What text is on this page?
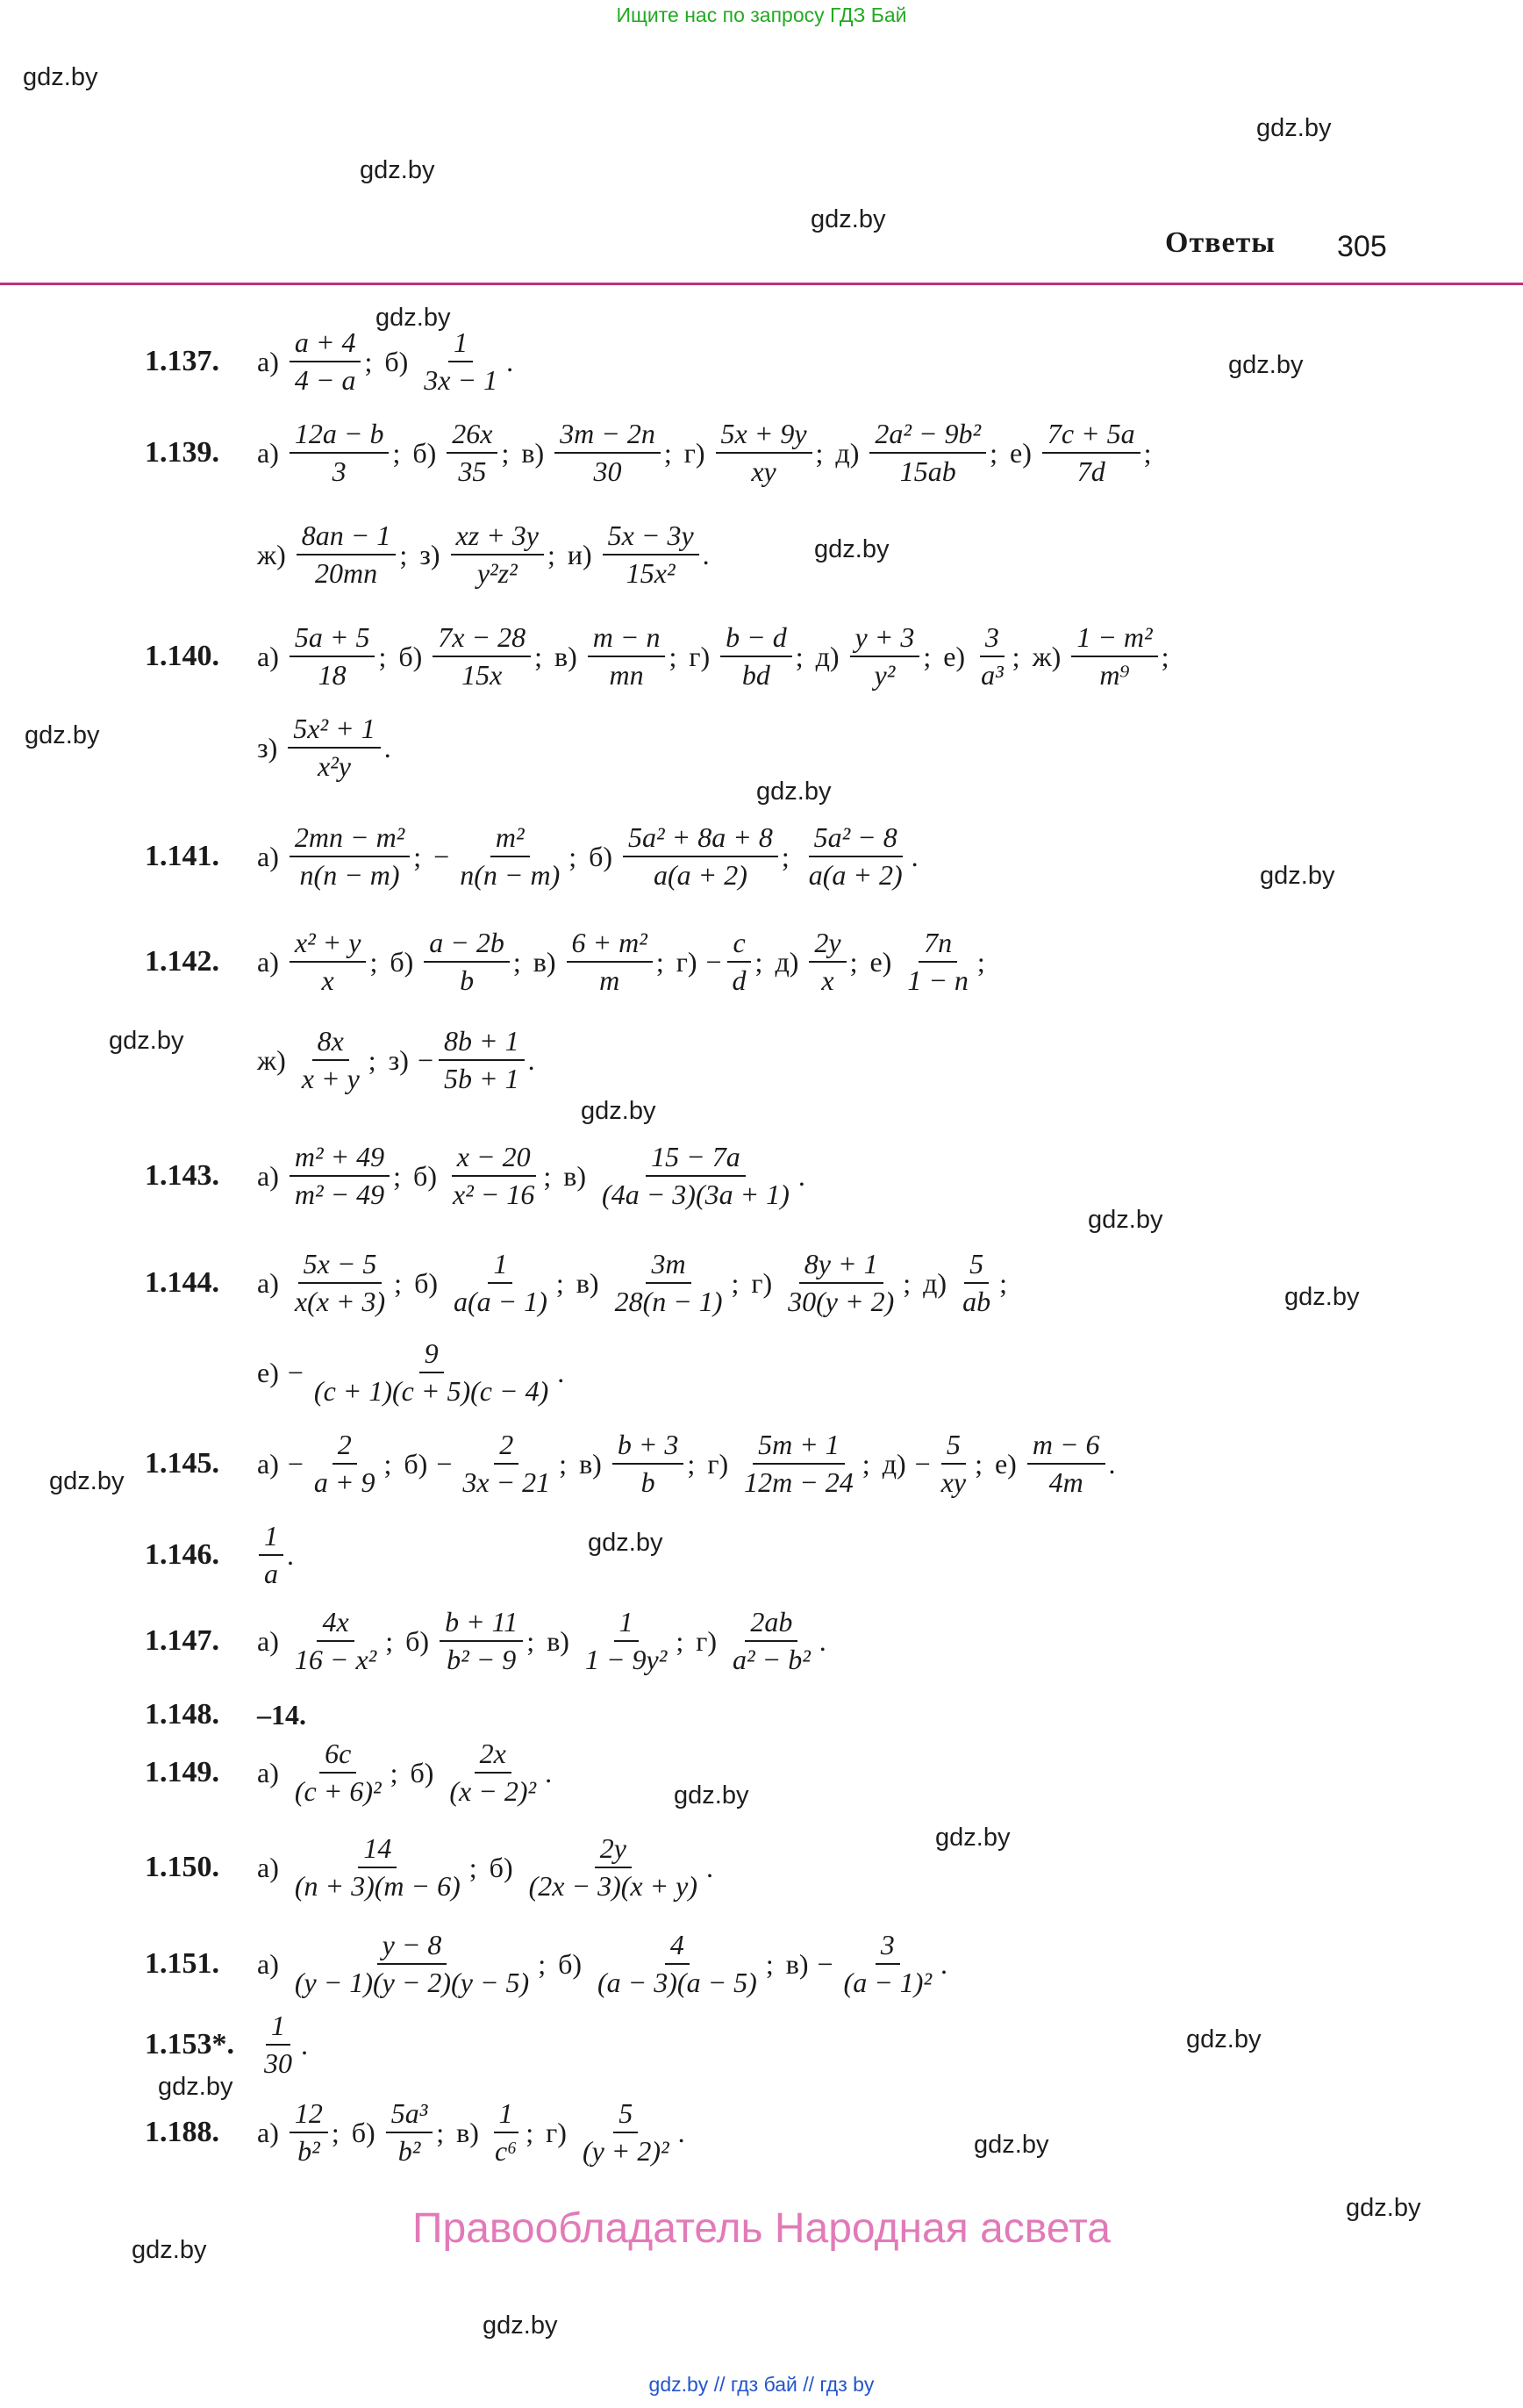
Ищите нас по запросу ГДЗ Бай
gdz.by
gdz.by
gdz.by
gdz.by
gdz.by
gdz.by
gdz.by
gdz.by
gdz.by
gdz.by
gdz.by
gdz.by
gdz.by
gdz.by
gdz.by
gdz.by
gdz.by
gdz.by
gdz.by
gdz.by
gdz.by
gdz.by
gdz.by
gdz.by
Ответы 305
1.137.	$а) \frac{a + 4}{4 - a}$ ; $б) \frac{1}{3x - 1}$ .
1.139.	$а) \frac{12a - b}{3}$ ; $б) \frac{26x}{35}$ ; $в) \frac{3m - 2n}{30}$ ; $г) \frac{5x + 9y}{xy}$ ; $д) \frac{\text{2a² − 9b²}}{15ab}$ ; $е) \frac{7c + 5a}{7d}$ ;
$ж) \frac{8an - 1}{20mn}$ ; $з) \frac{xz + 3y}{\text{y²z²}}$ ; $и) \frac{5x - 3y}{\text{15x²}}$ .
1.140.	$а) \frac{5a + 5}{18}$ ; $б) \frac{7x - 28}{15x}$ ; $в) \frac{m - n}{mn}$ ; $г) \frac{b - d}{bd}$ ; $д) \frac{y + 3}{\text{y²}}$ ; $е) \frac{3}{\text{a³}}$ ; $ж) \frac{\text{1 − m²}}{\text{m⁹}}$ ;
$з) \frac{\text{5x² + 1}}{\text{x²y}}$ .
1.141.	$а) \frac{\text{2mn − m²}}{n(n - m)}$ ; − $\frac{\text{m²}}{n(n - m)}$ ; $б) \frac{\text{5a² + 8a + 8}}{a(a + 2)}$ ; $\frac{\text{5a² − 8}}{a(a + 2)}$ .
1.142.	$а) \frac{\text{x² + y}}{x}$ ; $б) \frac{a - 2b}{b}$ ; $в) \frac{\text{6 + m²}}{m}$ ; $г) - \frac{c}{d}$ ; $д) \frac{2y}{x}$ ; $е) \frac{7n}{1 - n}$ ;
$ж) \frac{8x}{x + y}$ ; $з) - \frac{8b + 1}{5b + 1}$ .
1.143.	$а) \frac{\text{m² + 49}}{\text{m² − 49}}$ ; $б) \frac{x - 20}{\text{x² − 16}}$ ; $в) \frac{15 - 7a}{(4a - 3)(3a + 1)}$ .
1.144.	$а) \frac{5x - 5}{x(x + 3)}$ ; $б) \frac{1}{a(a - 1)}$ ; $в) \frac{3m}{28(n - 1)}$ ; $г) \frac{8y + 1}{30(y + 2)}$ ; $д) \frac{5}{ab}$ ;
$е) - \frac{9}{(c + 1)(c + 5)(c - 4)}$ .
1.145.	$а) - \frac{2}{a + 9}$ ; $б) - \frac{2}{3x - 21}$ ; $в) \frac{b + 3}{b}$ ; $г) \frac{5m + 1}{12m - 24}$ ; $д) - \frac{5}{xy}$ ; $е) \frac{m - 6}{4m}$ .
1.146.	$\frac{1}{a}$ .
1.147.	$а) \frac{4x}{\text{16 − x²}}$ ; $б) \frac{b + 11}{\text{b² − 9}}$ ; $в) \frac{1}{\text{1 − 9y²}}$ ; $г) \frac{2ab}{\text{a² − b²}}$ .
1.148.	–14.
1.149.	$а) \frac{6c}{\text{(c + 6)²}}$ ; $б) \frac{2x}{\text{(x − 2)²}}$ .
1.150.	$а) \frac{14}{(n + 3)(m - 6)}$ ; $б) \frac{2y}{(2x - 3)(x + y)}$ .
1.151.	$а) \frac{y - 8}{(y - 1)(y - 2)(y - 5)}$ ; $б) \frac{4}{(a - 3)(a - 5)}$ ; $в) - \frac{3}{\text{(a − 1)²}}$ .
1.153*. $\frac{1}{30}$ .
1.188.	$а) \frac{12}{\text{b²}}$ ; $б) \frac{\text{5a³}}{\text{b²}}$ ; $в) \frac{1}{\text{c⁶}}$ ; $г) \frac{5}{\text{(y + 2)²}}$ .
Правообладатель Народная асвета
gdz.by // гдз бай // гдз by
